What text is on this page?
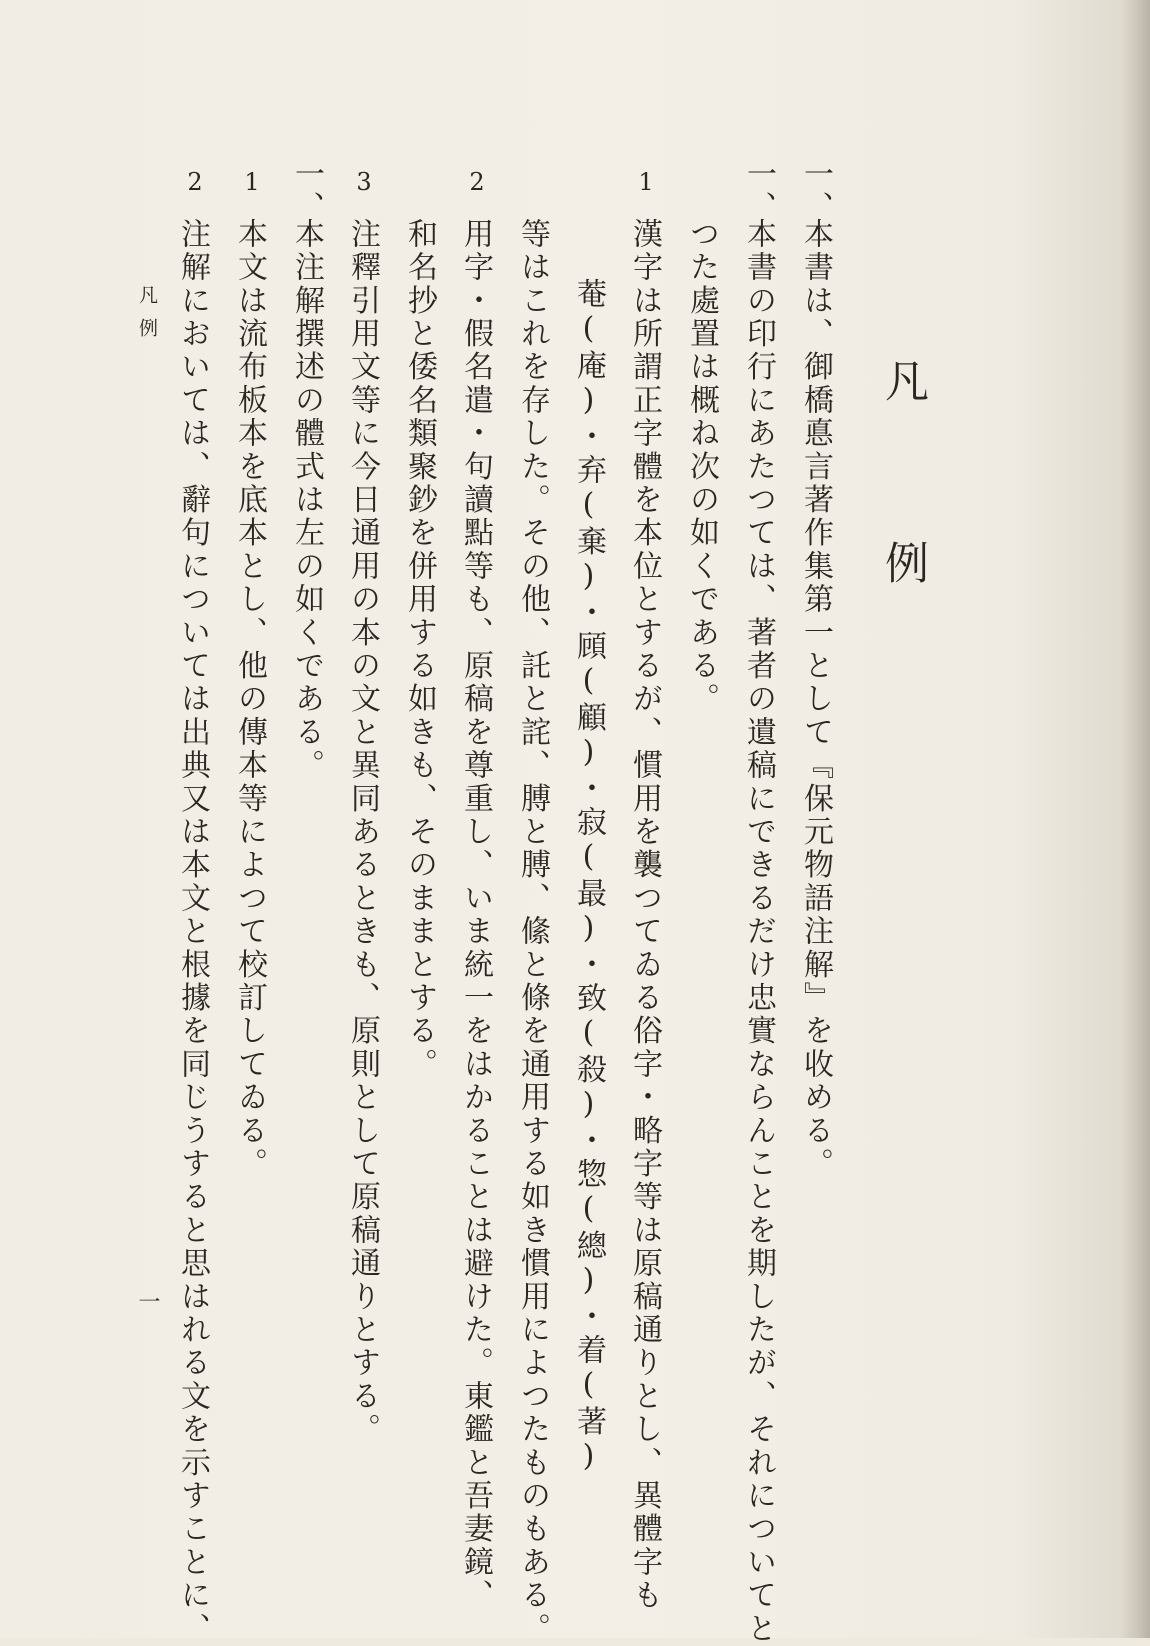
凡
例
一、
本書は、御橋悳言著作集第一として『保元物語注解』を收める。
一、
本書の印行にあたつては、著者の遺稿にできるだけ忠實ならんことを期したが、それについてと
つた處置は概ね次の如くである。
1
漢字は所謂正字體を本位とするが、慣用を襲つてゐる俗字・略字等は原稿通りとし、異體字も
菴(庵)・弃(棄)・頋(顧)・寂(最)・致(殺)・惣(總)・着(著)
等はこれを存した。その他、託と詫、膊と膊、絛と條を通用する如き慣用によつたものもある。
2
用字・假名遣・句讀點等も、原稿を尊重し、いま統一をはかることは避けた。東鑑と吾妻鏡、
和名抄と倭名類聚鈔を併用する如きも、そのままとする。
3
注釋引用文等に今日通用の本の文と異同あるときも、原則として原稿通りとする。
一、
本注解撰述の體式は左の如くである。
1
本文は流布板本を底本とし、他の傳本等によつて校訂してゐる。
2
注解においては、辭句については出典又は本文と根據を同じうすると思はれる文を示すことに、
凡例
一
